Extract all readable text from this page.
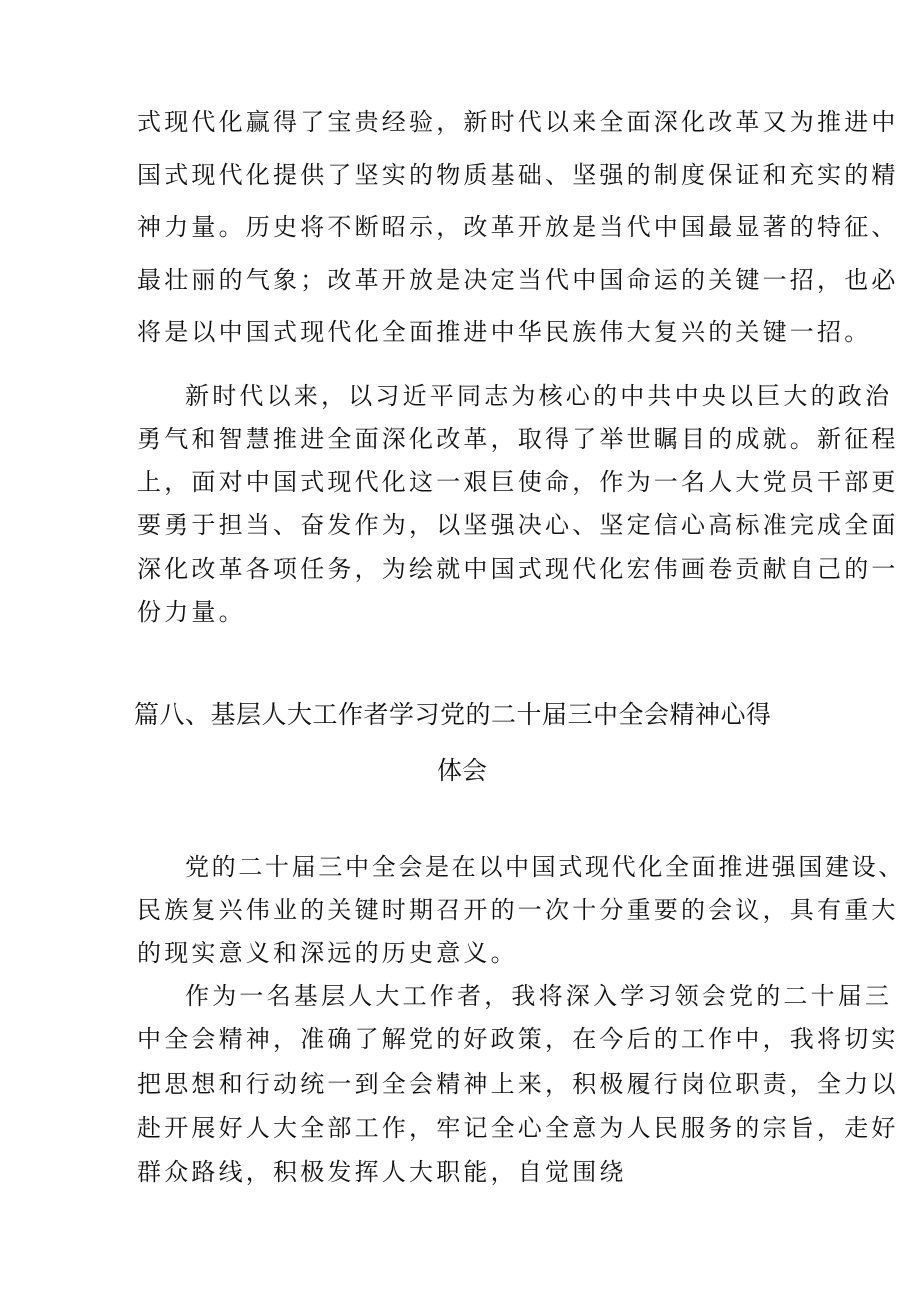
式现代化赢得了宝贵经验，新时代以来全面深化改革又为推进中
国式现代化提供了坚实的物质基础、坚强的制度保证和充实的精
神力量。历史将不断昭示，改革开放是当代中国最显著的特征、
最壮丽的气象；改革开放是决定当代中国命运的关键一招，也必
将是以中国式现代化全面推进中华民族伟大复兴的关键一招。
新时代以来，以习近平同志为核心的中共中央以巨大的政治
勇气和智慧推进全面深化改革，取得了举世瞩目的成就。新征程
上，面对中国式现代化这一艰巨使命，作为一名人大党员干部更
要勇于担当、奋发作为，以坚强决心、坚定信心高标准完成全面
深化改革各项任务，为绘就中国式现代化宏伟画卷贡献自己的一
份力量。
篇八、基层人大工作者学习党的二十届三中全会精神心得
体会
党的二十届三中全会是在以中国式现代化全面推进强国建设、
民族复兴伟业的关键时期召开的一次十分重要的会议，具有重大
的现实意义和深远的历史意义。
作为一名基层人大工作者，我将深入学习领会党的二十届三
中全会精神，准确了解党的好政策，在今后的工作中，我将切实
把思想和行动统一到全会精神上来，积极履行岗位职责，全力以
赴开展好人大全部工作，牢记全心全意为人民服务的宗旨，走好
群众路线，积极发挥人大职能，自觉围绕
